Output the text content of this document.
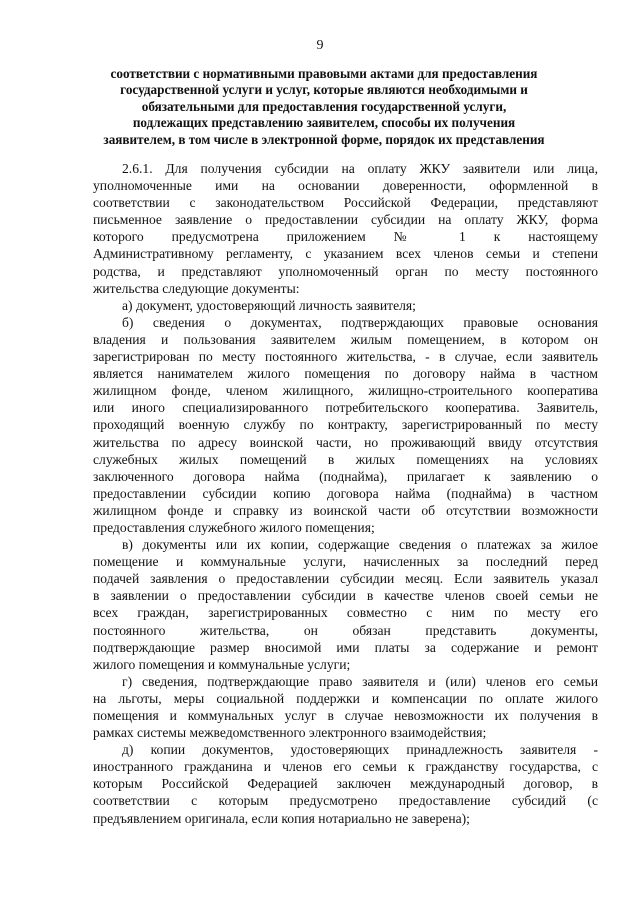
9
соответствии с нормативными правовыми актами для предоставления
государственной услуги и услуг, которые являются необходимыми и
обязательными для предоставления государственной услуги,
подлежащих представлению заявителем, способы их получения
заявителем, в том числе в электронной форме, порядок их представления
2.6.1. Для получения субсидии на оплату ЖКУ заявители или лица,
уполномоченные ими на основании доверенности, оформленной в
соответствии с законодательством Российской Федерации, представляют
письменное заявление о предоставлении субсидии на оплату ЖКУ, форма
которого предусмотрена приложением № 1 к настоящему
Административному регламенту, с указанием всех членов семьи и степени
родства, и представляют уполномоченный орган по месту постоянного
жительства следующие документы:
а) документ, удостоверяющий личность заявителя;
б) сведения о документах, подтверждающих правовые основания
владения и пользования заявителем жилым помещением, в котором он
зарегистрирован по месту постоянного жительства, - в случае, если заявитель
является нанимателем жилого помещения по договору найма в частном
жилищном фонде, членом жилищного, жилищно-строительного кооператива
или иного специализированного потребительского кооператива. Заявитель,
проходящий военную службу по контракту, зарегистрированный по месту
жительства по адресу воинской части, но проживающий ввиду отсутствия
служебных жилых помещений в жилых помещениях на условиях
заключенного договора найма (поднайма), прилагает к заявлению о
предоставлении субсидии копию договора найма (поднайма) в частном
жилищном фонде и справку из воинской части об отсутствии возможности
предоставления служебного жилого помещения;
в) документы или их копии, содержащие сведения о платежах за жилое
помещение и коммунальные услуги, начисленных за последний перед
подачей заявления о предоставлении субсидии месяц. Если заявитель указал
в заявлении о предоставлении субсидии в качестве членов своей семьи не
всех граждан, зарегистрированных совместно с ним по месту его
постоянного жительства, он обязан представить документы,
подтверждающие размер вносимой ими платы за содержание и ремонт
жилого помещения и коммунальные услуги;
г) сведения, подтверждающие право заявителя и (или) членов его семьи
на льготы, меры социальной поддержки и компенсации по оплате жилого
помещения и коммунальных услуг в случае невозможности их получения в
рамках системы межведомственного электронного взаимодействия;
д) копии документов, удостоверяющих принадлежность заявителя -
иностранного гражданина и членов его семьи к гражданству государства, с
которым Российской Федерацией заключен международный договор, в
соответствии с которым предусмотрено предоставление субсидий (с
предъявлением оригинала, если копия нотариально не заверена);
